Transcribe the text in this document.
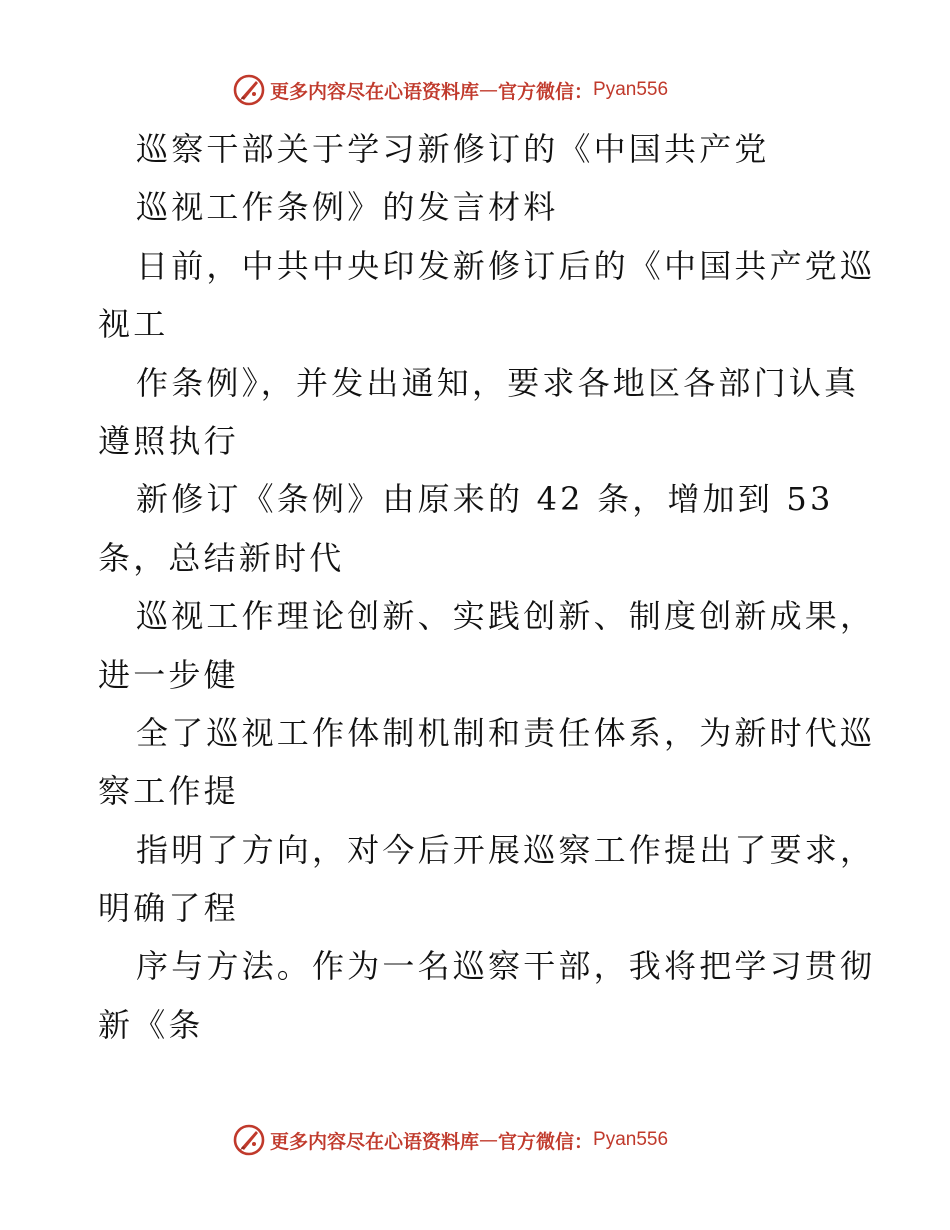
更多内容尽在心语资料库 — 官方微信： Pyan556
巡察干部关于学习新修订的《中国共产党
巡视工作条例》的发言材料
日前，中共中央印发新修订后的《中国共产党巡
视工
作条例》，并发出通知，要求各地区各部门认真
遵照执行
新修订《条例》由原来的 42 条，增加到 53
条，总结新时代
巡视工作理论创新、实践创新、制度创新成果，
进一步健
全了巡视工作体制机制和责任体系，为新时代巡
察工作提
指明了方向，对今后开展巡察工作提出了要求，
明确了程
序与方法。作为一名巡察干部，我将把学习贯彻
新《条
更多内容尽在心语资料库 — 官方微信： Pyan556
